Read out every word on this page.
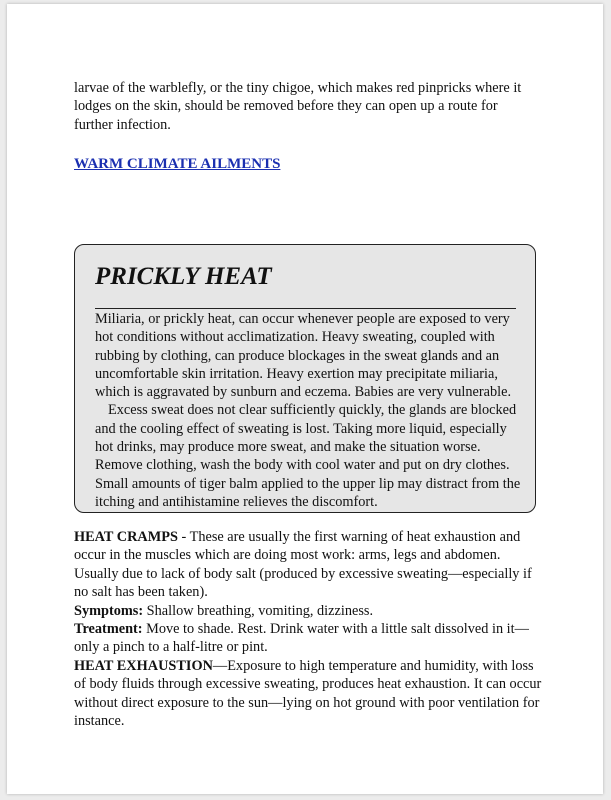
larvae of the warblefly, or the tiny chigoe, which makes red pinpricks where it lodges on the skin, should be removed before they can open up a route for further infection.

WARM CLIMATE AILMENTS
PRICKLY HEAT

Miliaria, or prickly heat, can occur whenever people are exposed to very hot conditions without acclimatization. Heavy sweating, coupled with rubbing by clothing, can produce blockages in the sweat glands and an uncomfortable skin irritation. Heavy exertion may precipitate miliaria, which is aggravated by sunburn and eczema. Babies are very vulnerable.
Excess sweat does not clear sufficiently quickly, the glands are blocked and the cooling effect of sweating is lost. Taking more liquid, especially hot drinks, may produce more sweat, and make the situation worse. Remove clothing, wash the body with cool water and put on dry clothes. Small amounts of tiger balm applied to the upper lip may distract from the itching and antihistamine relieves the discomfort.

HEAT CRAMPS - These are usually the first warning of heat exhaustion and occur in the muscles which are doing most work: arms, legs and abdomen. Usually due to lack of body salt (produced by excessive sweating—especially if no salt has been taken).

Symptoms: Shallow breathing, vomiting, dizziness.

Treatment: Move to shade. Rest. Drink water with a little salt dissolved in it—only a pinch to a half-litre or pint.

HEAT EXHAUSTION—Exposure to high temperature and humidity, with loss of body fluids through excessive sweating, produces heat exhaustion. It can occur without direct exposure to the sun—lying on hot ground with poor ventilation for instance.
